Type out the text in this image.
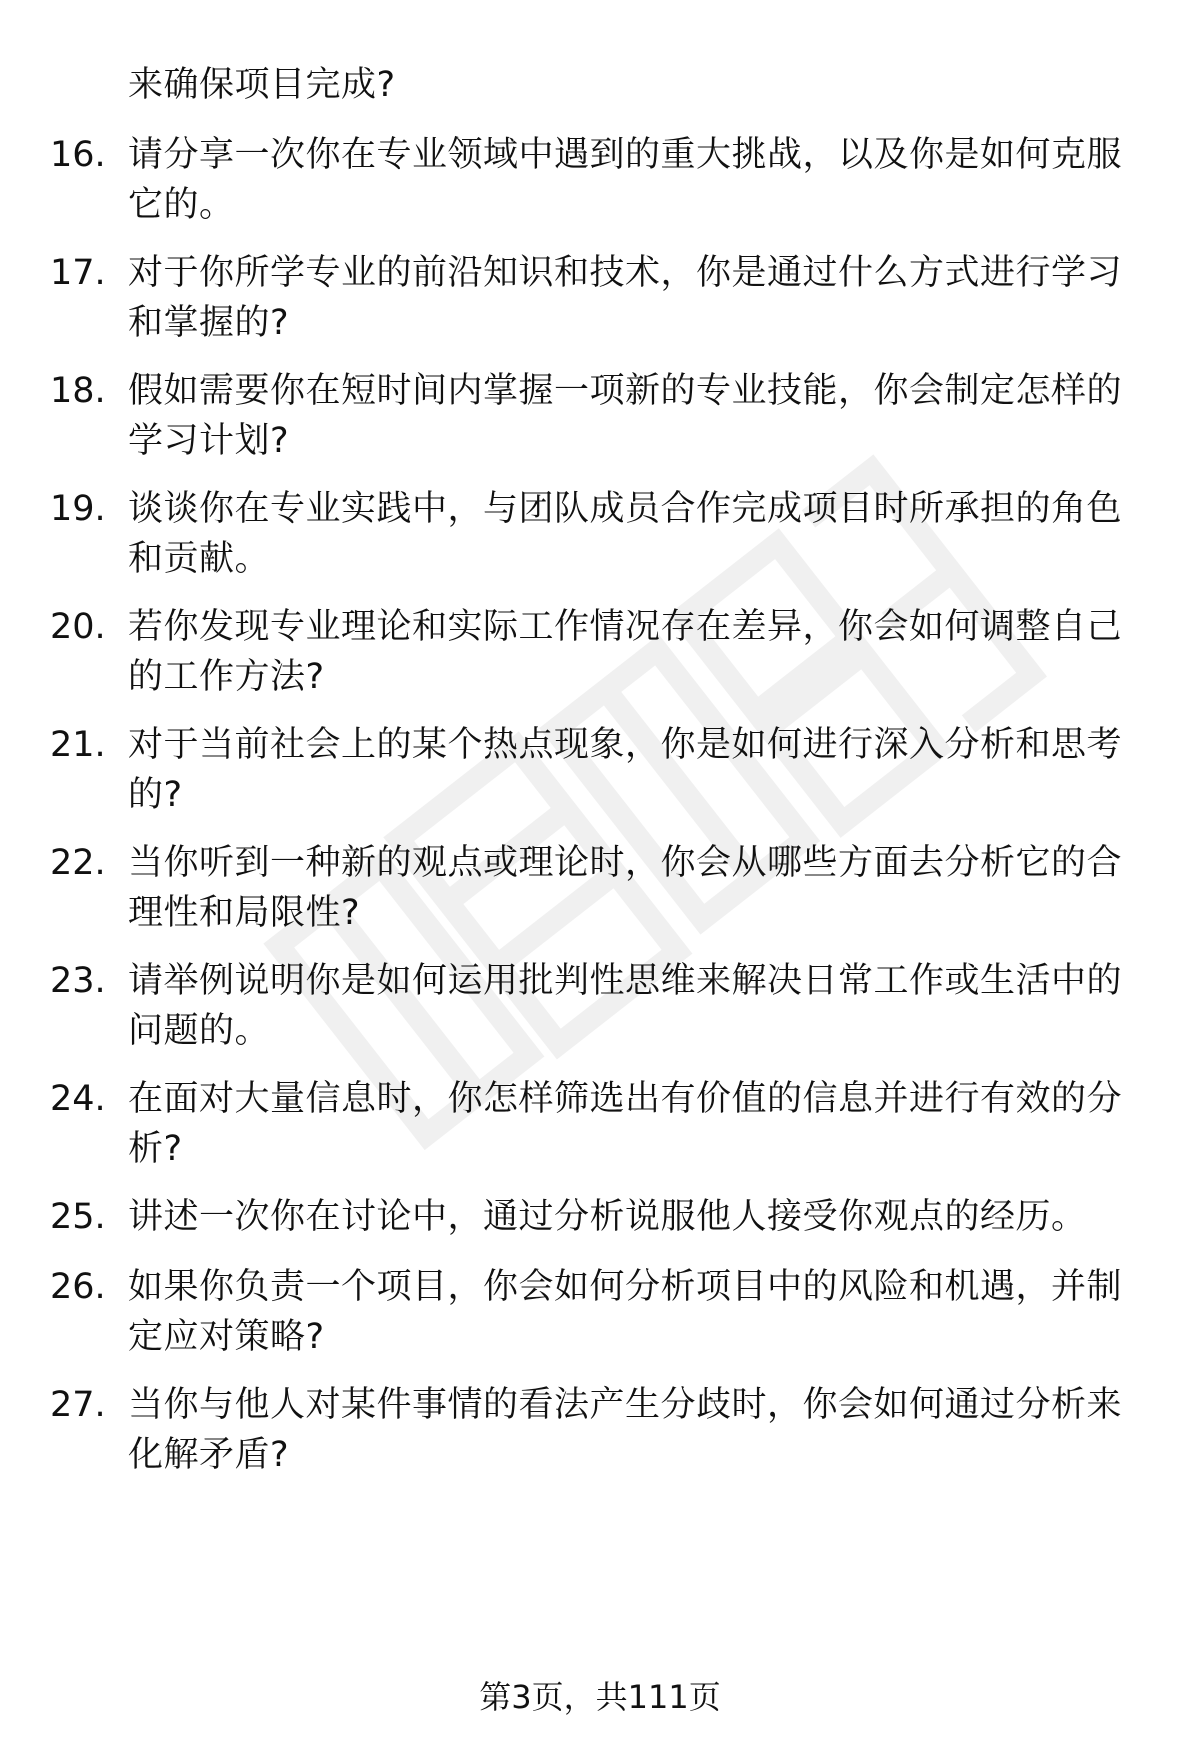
来确保项目完成?
16. 请分享一次你在专业领域中遇到的重大挑战，以及你是如何克服它的。
17. 对于你所学专业的前沿知识和技术，你是通过什么方式进行学习和掌握的?
18. 假如需要你在短时间内掌握一项新的专业技能，你会制定怎样的学习计划?
19. 谈谈你在专业实践中，与团队成员合作完成项目时所承担的角色和贡献。
20. 若你发现专业理论和实际工作情况存在差异，你会如何调整自己的工作方法?
21. 对于当前社会上的某个热点现象，你是如何进行深入分析和思考的?
22. 当你听到一种新的观点或理论时，你会从哪些方面去分析它的合理性和局限性?
23. 请举例说明你是如何运用批判性思维来解决日常工作或生活中的问题的。
24. 在面对大量信息时，你怎样筛选出有价值的信息并进行有效的分析?
25. 讲述一次你在讨论中，通过分析说服他人接受你观点的经历。
26. 如果你负责一个项目，你会如何分析项目中的风险和机遇，并制定应对策略?
27. 当你与他人对某件事情的看法产生分歧时，你会如何通过分析来化解矛盾?
第3页，共111页
